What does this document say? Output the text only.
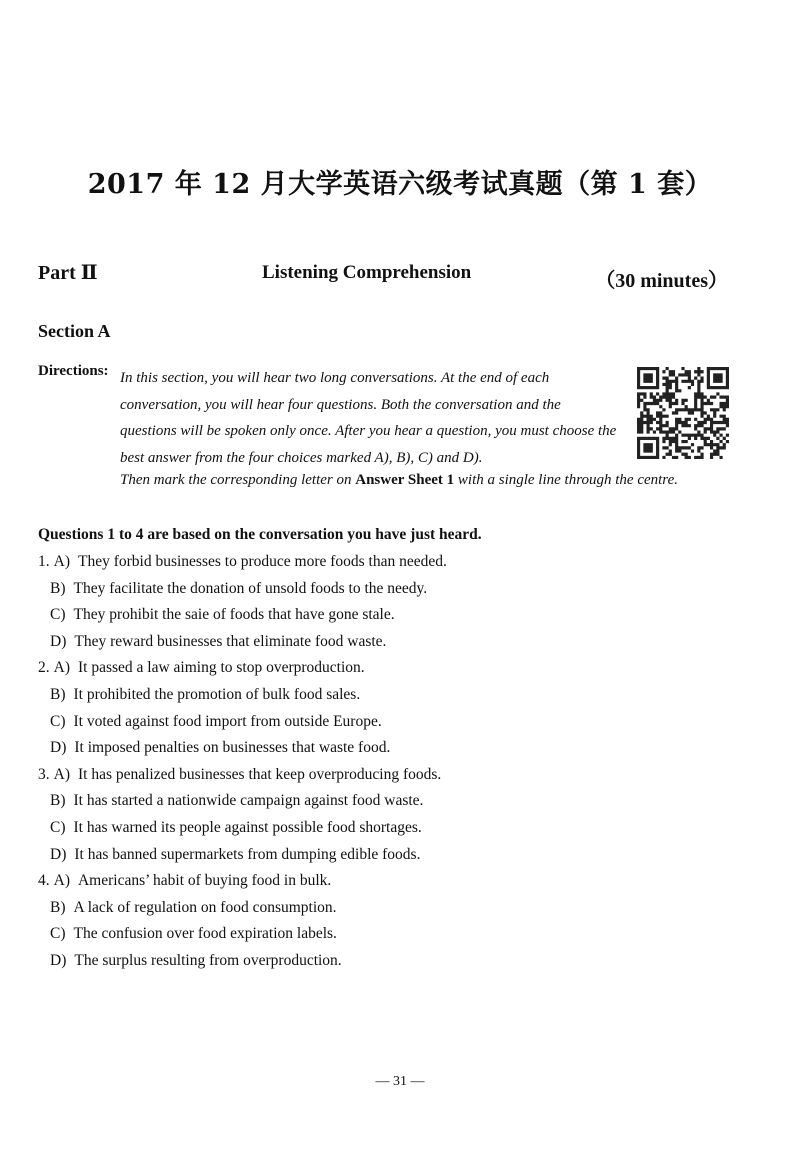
2017 年 12 月大学英语六级考试真题（第 1 套）
Part Ⅱ	Listening Comprehension	（30 minutes）
Section A
Directions: In this section, you will hear two long conversations. At the end of each conversation, you will hear four questions. Both the conversation and the questions will be spoken only once. After you hear a question, you must choose the best answer from the four choices marked A), B), C) and D).
Then mark the corresponding letter on Answer Sheet 1 with a single line through the centre.
Questions 1 to 4 are based on the conversation you have just heard.
1. A) They forbid businesses to produce more foods than needed.
B) They facilitate the donation of unsold foods to the needy.
C) They prohibit the saie of foods that have gone stale.
D) They reward businesses that eliminate food waste.
2. A) It passed a law aiming to stop overproduction.
B) It prohibited the promotion of bulk food sales.
C) It voted against food import from outside Europe.
D) It imposed penalties on businesses that waste food.
3. A) It has penalized businesses that keep overproducing foods.
B) It has started a nationwide campaign against food waste.
C) It has warned its people against possible food shortages.
D) It has banned supermarkets from dumping edible foods.
4. A) Americans’ habit of buying food in bulk.
B) A lack of regulation on food consumption.
C) The confusion over food expiration labels.
D) The surplus resulting from overproduction.
— 31 —
